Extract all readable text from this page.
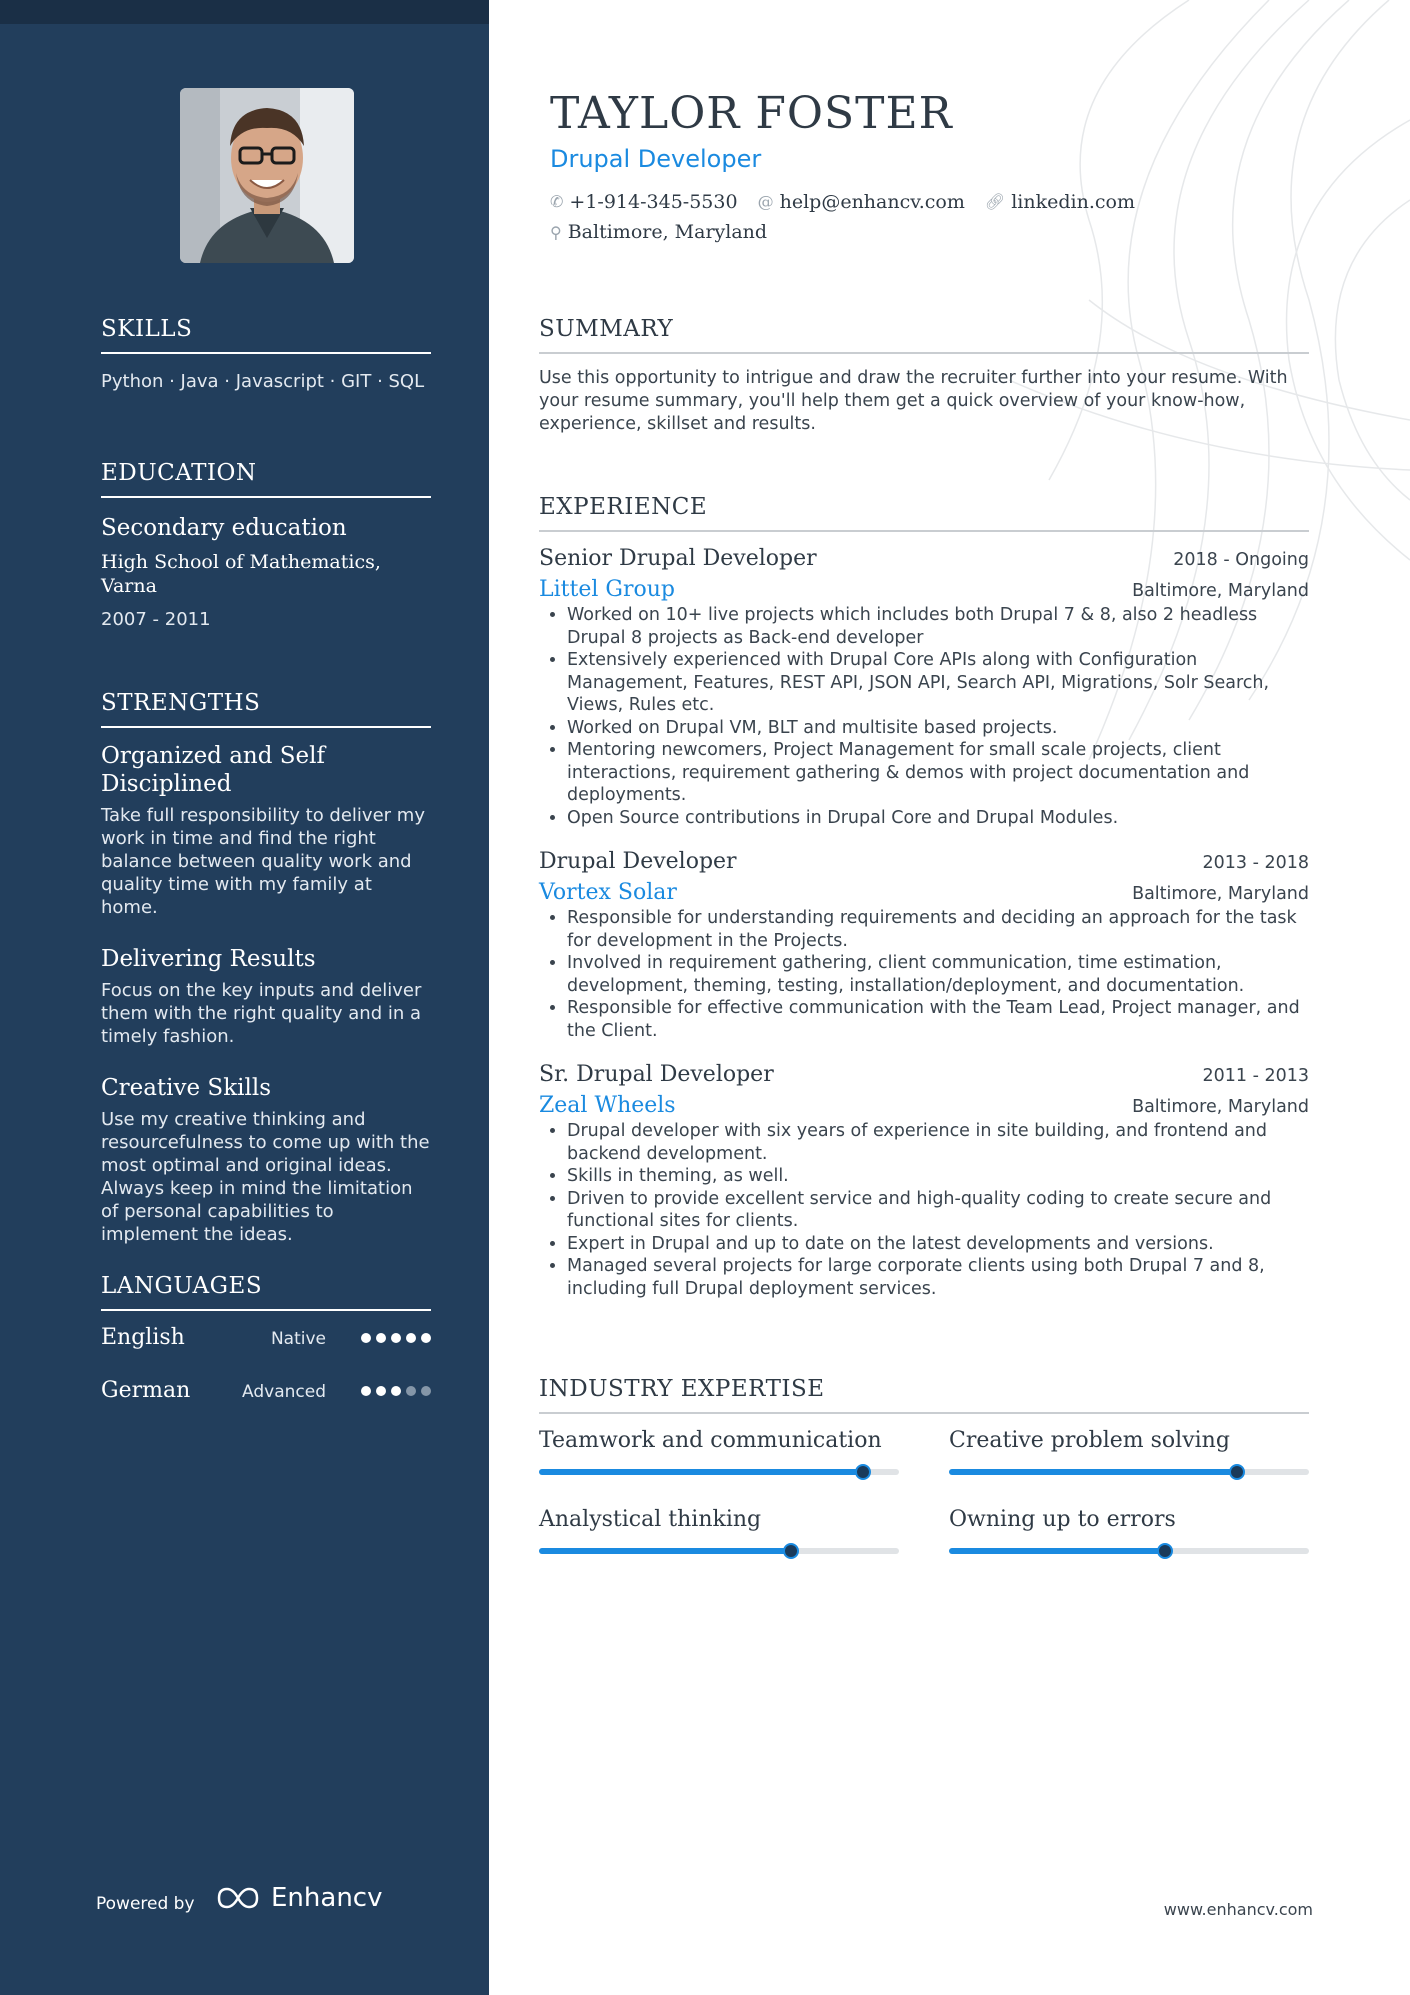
SKILLS
Python · Java · Javascript · GIT · SQL
EDUCATION
Secondary education
High School of Mathematics, Varna
2007 - 2011
STRENGTHS
Organized and Self Disciplined
Take full responsibility to deliver my work in time and find the right balance between quality work and quality time with my family at home.
Delivering Results
Focus on the key inputs and deliver them with the right quality and in a timely fashion.
Creative Skills
Use my creative thinking and resourcefulness to come up with the most optimal and original ideas. Always keep in mind the limitation of personal capabilities to implement the ideas.
LANGUAGES
English	Native
German	Advanced
Powered by	Enhancv
TAYLOR FOSTER
Drupal Developer
✆ +1-914-345-5530
@ help@enhancv.com
🔗︎ linkedin.com
⚲ Baltimore, Maryland
SUMMARY
Use this opportunity to intrigue and draw the recruiter further into your resume. With your resume summary, you'll help them get a quick overview of your know-how, experience, skillset and results.
EXPERIENCE
Senior Drupal Developer	2018 - Ongoing
Littel Group	Baltimore, Maryland
• Worked on 10+ live projects which includes both Drupal 7 & 8, also 2 headless Drupal 8 projects as Back-end developer
• Extensively experienced with Drupal Core APIs along with Configuration Management, Features, REST API, JSON API, Search API, Migrations, Solr Search, Views, Rules etc.
• Worked on Drupal VM, BLT and multisite based projects.
• Mentoring newcomers, Project Management for small scale projects, client interactions, requirement gathering & demos with project documentation and deployments.
• Open Source contributions in Drupal Core and Drupal Modules.
Drupal Developer	2013 - 2018
Vortex Solar	Baltimore, Maryland
• Responsible for understanding requirements and deciding an approach for the task for development in the Projects.
• Involved in requirement gathering, client communication, time estimation, development, theming, testing, installation/deployment, and documentation.
• Responsible for effective communication with the Team Lead, Project manager, and the Client.
Sr. Drupal Developer	2011 - 2013
Zeal Wheels	Baltimore, Maryland
• Drupal developer with six years of experience in site building, and frontend and backend development.
• Skills in theming, as well.
• Driven to provide excellent service and high-quality coding to create secure and functional sites for clients.
• Expert in Drupal and up to date on the latest developments and versions.
• Managed several projects for large corporate clients using both Drupal 7 and 8, including full Drupal deployment services.
INDUSTRY EXPERTISE
Teamwork and communication	Creative problem solving
Analystical thinking	Owning up to errors
www.enhancv.com
